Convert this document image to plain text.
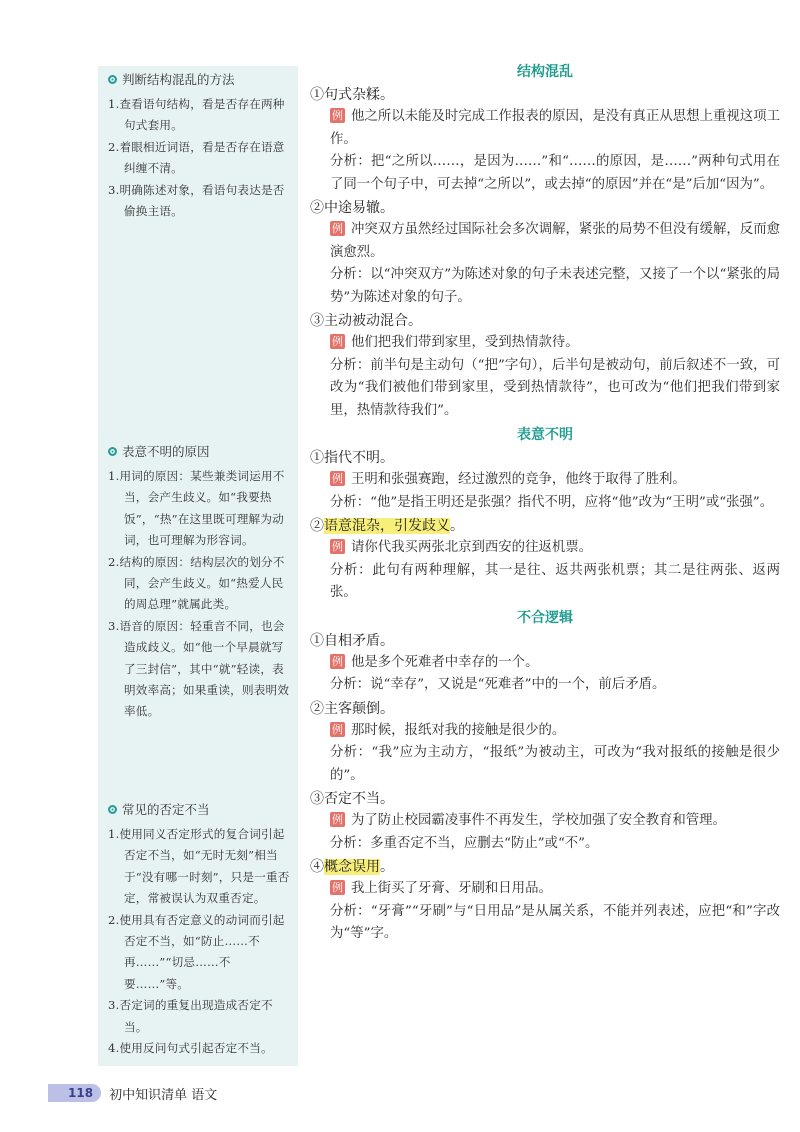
判断结构混乱的方法

1.查看语句结构，看是否存在两种句式套用。

2.着眼相近词语，看是否存在语意纠缠不清。

3.明确陈述对象，看语句表达是否偷换主语。

表意不明的原因

1.用词的原因：某些兼类词运用不当，会产生歧义。如“我要热饭”，“热”在这里既可理解为动词，也可理解为形容词。

2.结构的原因：结构层次的划分不同，会产生歧义。如“热爱人民的周总理”就属此类。

3.语音的原因：轻重音不同，也会造成歧义。如“他一个早晨就写了三封信”，其中“就”轻读，表明效率高；如果重读，则表明效率低。

常见的否定不当

1.使用同义否定形式的复合词引起否定不当，如“无时无刻”相当于“没有哪一时刻”，只是一重否定，常被误认为双重否定。

2.使用具有否定意义的动词而引起否定不当，如“防止……不再……”“切忌……不要……”等。

3.否定词的重复出现造成否定不当。

4.使用反问句式引起否定不当。

结构混乱

①句式杂糅。

例 他之所以未能及时完成工作报表的原因，是没有真正从思想上重视这项工作。

分析：把“之所以……，是因为……”和“……的原因，是……”两种句式用在了同一个句子中，可去掉“之所以”，或去掉“的原因”并在“是”后加“因为”。

②中途易辙。

例 冲突双方虽然经过国际社会多次调解，紧张的局势不但没有缓解，反而愈演愈烈。

分析：以“冲突双方”为陈述对象的句子未表述完整，又接了一个以“紧张的局势”为陈述对象的句子。

③主动被动混合。

例 他们把我们带到家里，受到热情款待。

分析：前半句是主动句（“把”字句），后半句是被动句，前后叙述不一致，可改为“我们被他们带到家里，受到热情款待”，也可改为“他们把我们带到家里，热情款待我们”。

表意不明

①指代不明。

例 王明和张强赛跑，经过激烈的竞争，他终于取得了胜利。

分析：“他”是指王明还是张强？指代不明，应将“他”改为“王明”或“张强”。

②语意混杂，引发歧义。

例 请你代我买两张北京到西安的往返机票。

分析：此句有两种理解，其一是往、返共两张机票；其二是往两张、返两张。

不合逻辑

①自相矛盾。

例 他是多个死难者中幸存的一个。

分析：说“幸存”，又说是“死难者”中的一个，前后矛盾。

②主客颠倒。

例 那时候，报纸对我的接触是很少的。

分析：“我”应为主动方，“报纸”为被动主，可改为“我对报纸的接触是很少的”。

③否定不当。

例 为了防止校园霸凌事件不再发生，学校加强了安全教育和管理。

分析：多重否定不当，应删去“防止”或“不”。

④概念误用。

例 我上街买了牙膏、牙刷和日用品。

分析：“牙膏”“牙刷”与“日用品”是从属关系，不能并列表述，应把“和”字改为“等”字。

118	初中知识清单 语文
